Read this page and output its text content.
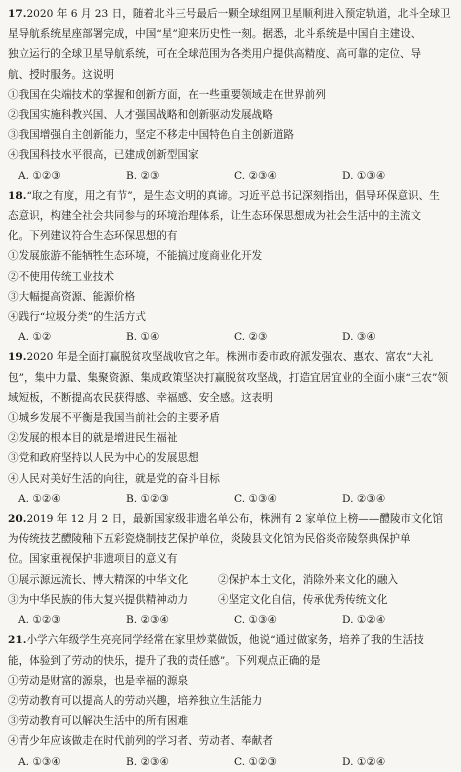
17.2020 年 6 月 23 日，随着北斗三号最后一颗全球组网卫星顺利进入预定轨道，北斗全球卫

星导航系统星座部署完成，中国“星”迎来历史性一刻。据悉，北斗系统是中国自主建设、

独立运行的全球卫星导航系统，可在全球范围为各类用户提供高精度、高可靠的定位、导

航、授时服务。这说明

①我国在尖端技术的掌握和创新方面，在一些重要领域走在世界前列

②我国实施科教兴国、人才强国战略和创新驱动发展战略

③我国增强自主创新能力，坚定不移走中国特色自主创新道路

④我国科技水平很高，已建成创新型国家

A. ①②③	B. ②③	C. ②③④	D. ①③④

18.“取之有度，用之有节”，是生态文明的真谛。习近平总书记深刻指出，倡导环保意识、生

态意识，构建全社会共同参与的环境治理体系，让生态环保思想成为社会生活中的主流文

化。下列建议符合生态环保思想的有

①发展旅游不能牺牲生态环境，不能搞过度商业化开发

②不使用传统工业技术

③大幅提高资源、能源价格

④践行“垃圾分类”的生活方式

A. ①②	B. ①④	C. ②③	D. ③④

19.2020 年是全面打赢脱贫攻坚战收官之年。株洲市委市政府派发强农、惠农、富农“大礼

包”，集中力量、集聚资源、集成政策坚决打赢脱贫攻坚战，打造宜居宜业的全面小康“三农”领

域短板，不断提高农民获得感、幸福感、安全感。这表明

①城乡发展不平衡是我国当前社会的主要矛盾

②发展的根本目的就是增进民生福祉

③党和政府坚持以人民为中心的发展思想

④人民对美好生活的向往，就是党的奋斗目标

A. ①②④	B. ①②③	C. ①③④	D. ②③④

20.2019 年 12 月 2 日，最新国家级非遗名单公布，株洲有 2 家单位上榜——醴陵市文化馆

为传统技艺醴陵釉下五彩瓷烧制技艺保护单位，炎陵县文化馆为民俗炎帝陵祭典保护单

位。国家重视保护非遗项目的意义有

①展示源远流长、博大精深的中华文化	②保护本土文化，消除外来文化的融入
③为中华民族的伟大复兴提供精神动力	④坚定文化自信，传承优秀传统文化
A. ①②③	B. ②③④	C. ①③④	D. ①②④

21.小学六年级学生亮亮同学经常在家里炒菜做饭，他说“通过做家务，培养了我的生活技

能，体验到了劳动的快乐，提升了我的责任感”。下列观点正确的是

①劳动是财富的源泉，也是幸福的源泉

②劳动教育可以提高人的劳动兴趣，培养独立生活能力

③劳动教育可以解决生活中的所有困难

④青少年应该做走在时代前列的学习者、劳动者、奉献者

A. ①③④	B. ②③④	C. ①②③	D. ①②④
